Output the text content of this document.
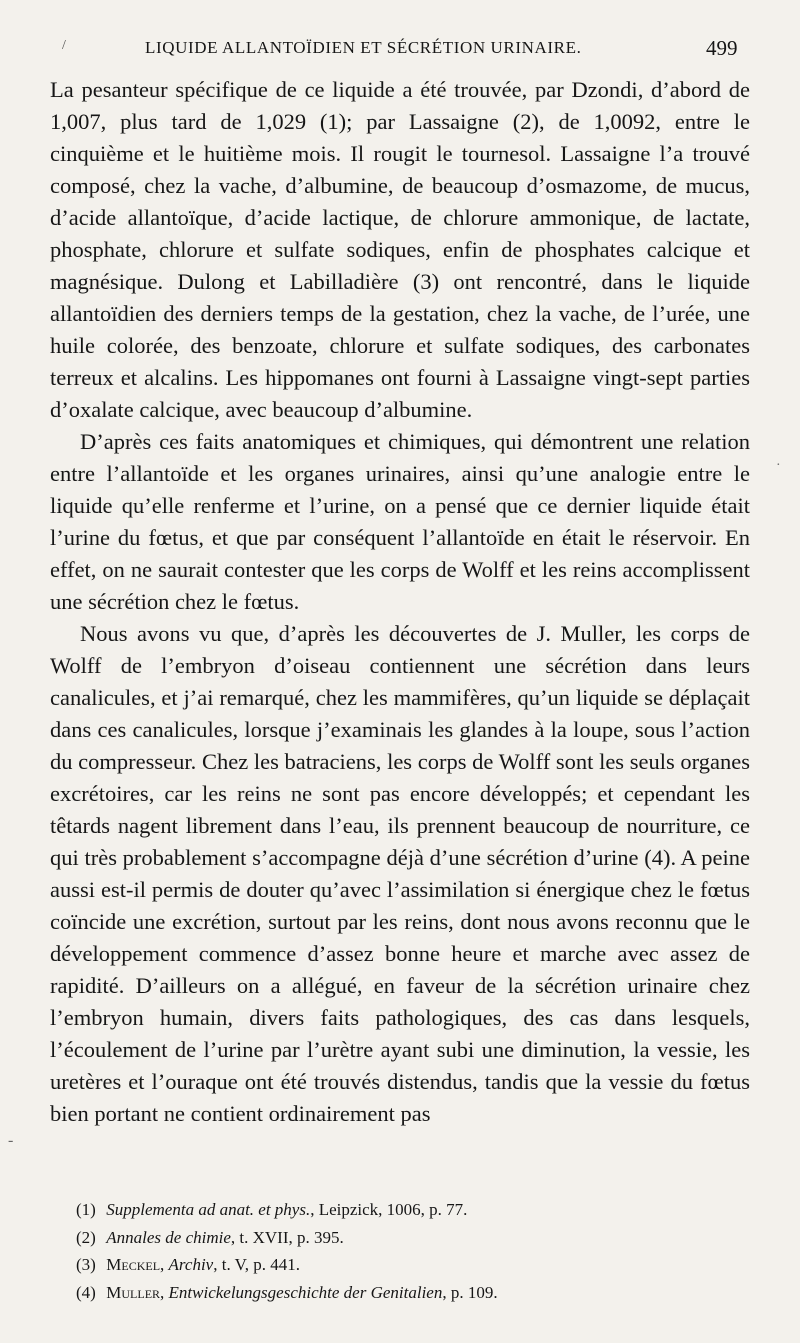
/	LIQUIDE ALLANTOÏDIEN ET SÉCRÉTION URINAIRE.	499

La pesanteur spécifique de ce liquide a été trouvée, par Dzondi, d’abord de 1,007, plus tard de 1,029 (1); par Lassaigne (2), de 1,0092, entre le cinquième et le huitième mois. Il rougit le tournesol. Lassaigne l’a trouvé composé, chez la vache, d’albumine, de beaucoup d’osmazome, de mucus, d’acide allantoïque, d’acide lactique, de chlorure ammonique, de lactate, phosphate, chlorure et sulfate sodiques, enfin de phosphates calcique et magnésique. Dulong et Labilladière (3) ont rencontré, dans le liquide allantoïdien des derniers temps de la gestation, chez la vache, de l’urée, une huile colorée, des benzoate, chlorure et sulfate sodiques, des carbonates terreux et alcalins. Les hippomanes ont fourni à Lassaigne vingt-sept parties d’oxalate calcique, avec beaucoup d’albumine.

D’après ces faits anatomiques et chimiques, qui démontrent une relation entre l’allantoïde et les organes urinaires, ainsi qu’une analogie entre le liquide qu’elle renferme et l’urine, on a pensé que ce dernier liquide était l’urine du fœtus, et que par conséquent l’allantoïde en était le réservoir. En effet, on ne saurait contester que les corps de Wolff et les reins accomplissent une sécrétion chez le fœtus.

Nous avons vu que, d’après les découvertes de J. Muller, les corps de Wolff de l’embryon d’oiseau contiennent une sécrétion dans leurs canalicules, et j’ai remarqué, chez les mammifères, qu’un liquide se déplaçait dans ces canalicules, lorsque j’examinais les glandes à la loupe, sous l’action du compresseur. Chez les batraciens, les corps de Wolff sont les seuls organes excrétoires, car les reins ne sont pas encore développés; et cependant les têtards nagent librement dans l’eau, ils prennent beaucoup de nourriture, ce qui très probablement s’accompagne déjà d’une sécrétion d’urine (4). A peine aussi est-il permis de douter qu’avec l’assimilation si énergique chez le fœtus coïncide une excrétion, surtout par les reins, dont nous avons reconnu que le développement commence d’assez bonne heure et marche avec assez de rapidité. D’ailleurs on a allégué, en faveur de la sécrétion urinaire chez l’embryon humain, divers faits pathologiques, des cas dans lesquels, l’écoulement de l’urine par l’urètre ayant subi une diminution, la vessie, les uretères et l’ouraque ont été trouvés distendus, tandis que la vessie du fœtus bien portant ne contient ordinairement pas

·
-
(1) Supplementa ad anat. et phys., Leipzick, 1006, p. 77.
(2) Annales de chimie, t. XVII, p. 395.
(3) Meckel, Archiv, t. V, p. 441.
(4) Muller, Entwickelungsgeschichte der Genitalien, p. 109.
